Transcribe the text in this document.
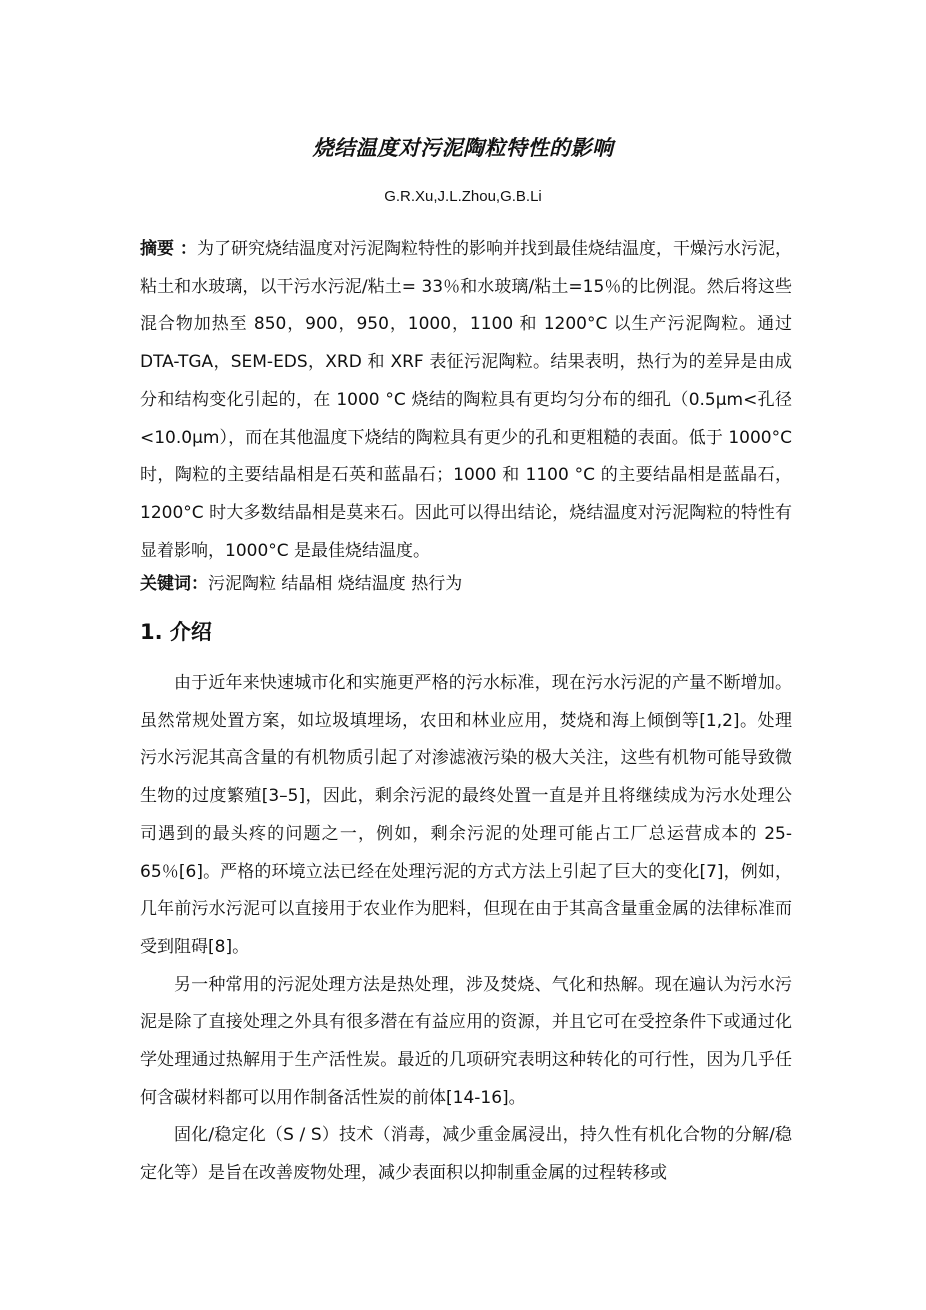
烧结温度对污泥陶粒特性的影响
G.R.Xu,J.L.Zhou,G.B.Li
摘要 ：为了研究烧结温度对污泥陶粒特性的影响并找到最佳烧结温度，干燥污水污泥，粘土和水玻璃，以干污水污泥/粘土= 33％和水玻璃/粘土=15％的比例混。然后将这些混合物加热至 850，900，950，1000，1100 和 1200°C 以生产污泥陶粒。通过 DTA-TGA，SEM-EDS，XRD 和 XRF 表征污泥陶粒。结果表明，热行为的差异是由成分和结构变化引起的，在 1000 °C 烧结的陶粒具有更均匀分布的细孔（0.5μm<孔径<10.0μm），而在其他温度下烧结的陶粒具有更少的孔和更粗糙的表面。低于 1000°C 时，陶粒的主要结晶相是石英和蓝晶石；1000 和 1100 °C 的主要结晶相是蓝晶石，1200°C 时大多数结晶相是莫来石。因此可以得出结论，烧结温度对污泥陶粒的特性有显着影响，1000°C 是最佳烧结温度。
关键词：污泥陶粒 结晶相 烧结温度 热行为
1. 介绍

由于近年来快速城市化和实施更严格的污水标准，现在污水污泥的产量不断增加。虽然常规处置方案，如垃圾填埋场，农田和林业应用，焚烧和海上倾倒等[1,2]。处理污水污泥其高含量的有机物质引起了对渗滤液污染的极大关注，这些有机物可能导致微生物的过度繁殖[3–5]，因此，剩余污泥的最终处置一直是并且将继续成为污水处理公司遇到的最头疼的问题之一，例如，剩余污泥的处理可能占工厂总运营成本的 25-65％[6]。严格的环境立法已经在处理污泥的方式方法上引起了巨大的变化[7]，例如，几年前污水污泥可以直接用于农业作为肥料，但现在由于其高含量重金属的法律标准而受到阻碍[8]。

另一种常用的污泥处理方法是热处理，涉及焚烧、气化和热解。现在遍认为污水污泥是除了直接处理之外具有很多潜在有益应用的资源，并且它可在受控条件下或通过化学处理通过热解用于生产活性炭。最近的几项研究表明这种转化的可行性，因为几乎任何含碳材料都可以用作制备活性炭的前体[14-16]。

固化/稳定化（S / S）技术（消毒，减少重金属浸出，持久性有机化合物的分解/稳定化等）是旨在改善废物处理，减少表面积以抑制重金属的过程转移或
